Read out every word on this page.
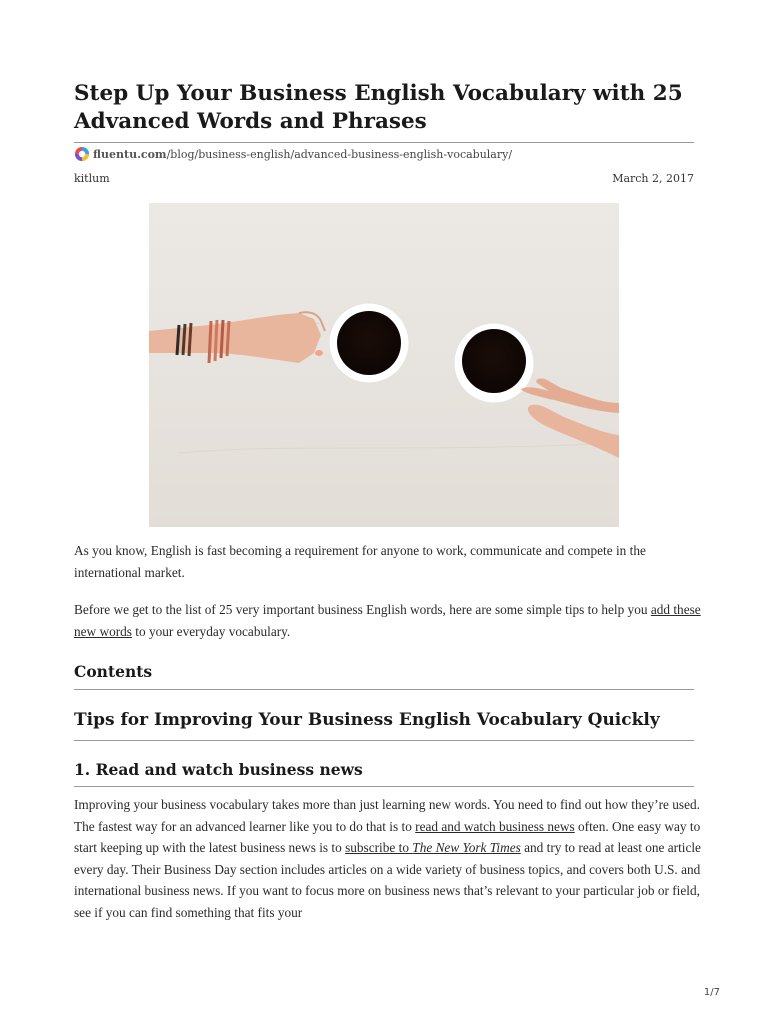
Step Up Your Business English Vocabulary with 25 Advanced Words and Phrases
fluentu.com /blog/business-english/advanced-business-english-vocabulary/
kitlum	March 2, 2017

As you know, English is fast becoming a requirement for anyone to work, communicate and compete in the international market.

Before we get to the list of 25 very important business English words, here are some simple tips to help you add these new words to your everyday vocabulary.

Contents
Tips for Improving Your Business English Vocabulary Quickly
1. Read and watch business news

Improving your business vocabulary takes more than just learning new words. You need to find out how they’re used. The fastest way for an advanced learner like you to do that is to read and watch business news often. One easy way to start keeping up with the latest business news is to subscribe to The New York Times and try to read at least one article every day. Their Business Day section includes articles on a wide variety of business topics, and covers both U.S. and international business news. If you want to focus more on business news that’s relevant to your particular job or field, see if you can find something that fits your

1/7
